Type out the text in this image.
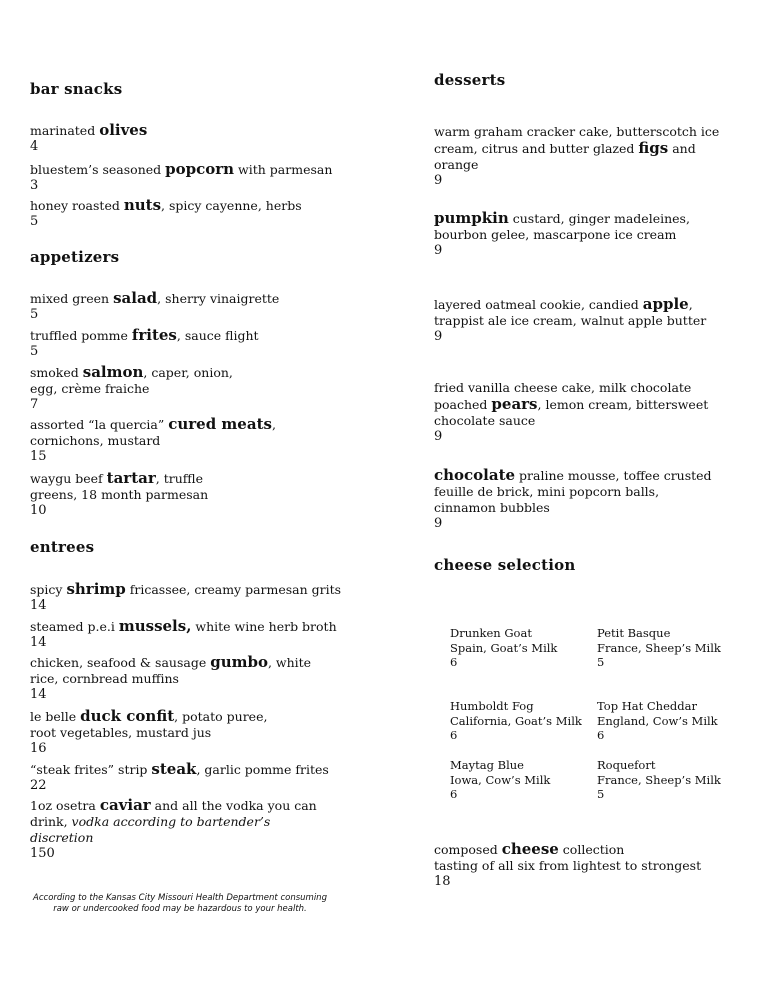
bar snacks
marinated olives
4
bluestem’s seasoned popcorn with parmesan
3
honey roasted nuts, spicy cayenne, herbs
5
appetizers
mixed green salad, sherry vinaigrette
5
truffled pomme frites, sauce flight
5
smoked salmon, caper, onion, egg, crème fraiche
7
assorted “la quercia” cured meats, cornichons, mustard
15
waygu beef tartar, truffle greens, 18 month parmesan
10
entrees
spicy shrimp fricassee, creamy parmesan grits
14
steamed p.e.i mussels, white wine herb broth
14
chicken, seafood & sausage gumbo, white rice, cornbread muffins
14
le belle duck confit, potato puree, root vegetables, mustard jus
16
“steak frites” strip steak, garlic pomme frites
22
1oz osetra caviar and all the vodka you can drink, vodka according to bartender’s discretion
150
According to the Kansas City Missouri Health Department consuming raw or undercooked food may be hazardous to your health.
desserts
warm graham cracker cake, butterscotch ice cream, citrus and butter glazed figs and orange
9
pumpkin custard, ginger madeleines, bourbon gelee, mascarpone ice cream
9
layered oatmeal cookie, candied apple, trappist ale ice cream, walnut apple butter
9
fried vanilla cheese cake, milk chocolate poached pears, lemon cream, bittersweet chocolate sauce
9
chocolate praline mousse, toffee crusted feuille de brick, mini popcorn balls, cinnamon bubbles
9
cheese selection
Drunken Goat
Spain, Goat’s Milk
6
Petit Basque
France, Sheep’s Milk
5
Humboldt Fog
California, Goat’s Milk
6
Top Hat Cheddar
England, Cow’s Milk
6
Maytag Blue
Iowa, Cow’s Milk
6
Roquefort
France, Sheep’s Milk
5
composed cheese collection
tasting of all six from lightest to strongest
18
